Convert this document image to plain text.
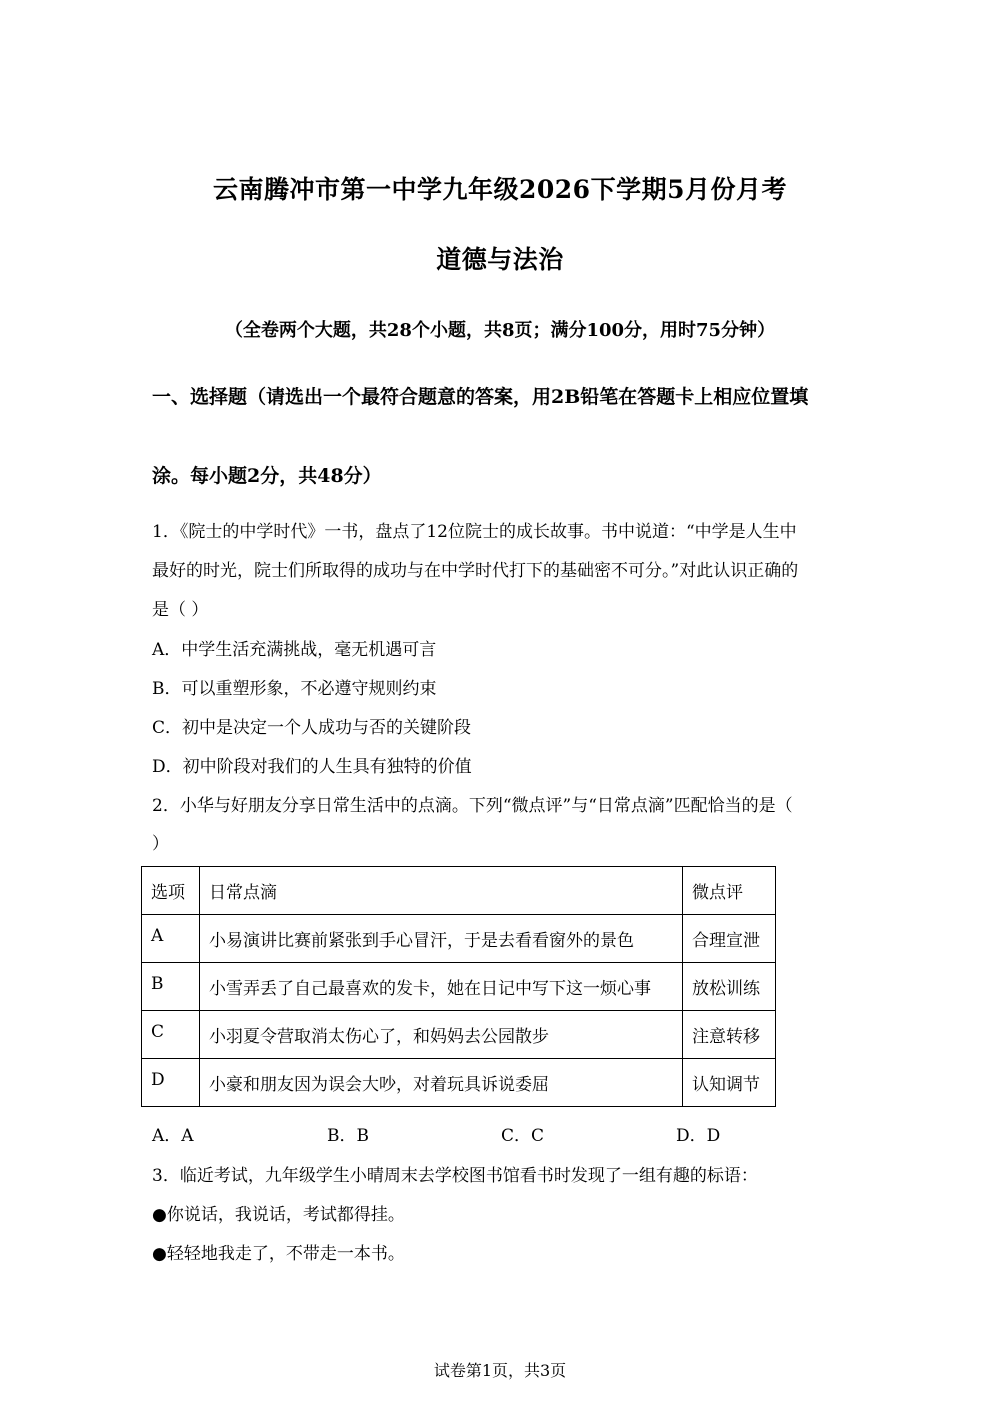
云南腾冲市第一中学九年级2026下学期5月份月考
道德与法治
（全卷两个大题，共28个小题，共8页；满分100分，用时75分钟）
一、选择题（请选出一个最符合题意的答案，用2B铅笔在答题卡上相应位置填
涂。每小题2分，共48分）
1．《院士的中学时代》一书，盘点了12位院士的成长故事。书中说道：“中学是人生中
最好的时光，院士们所取得的成功与在中学时代打下的基础密不可分。”对此认识正确的
是（ ）
A．中学生活充满挑战，毫无机遇可言
B．可以重塑形象，不必遵守规则约束
C．初中是决定一个人成功与否的关键阶段
D．初中阶段对我们的人生具有独特的价值
2．小华与好朋友分享日常生活中的点滴。下列“微点评”与“日常点滴”匹配恰当的是（
）
选项	日常点滴	微点评
A	小易演讲比赛前紧张到手心冒汗，于是去看看窗外的景色	合理宣泄
B	小雪弄丢了自己最喜欢的发卡，她在日记中写下这一烦心事	放松训练
C	小羽夏令营取消太伤心了，和妈妈去公园散步	注意转移
D	小豪和朋友因为误会大吵，对着玩具诉说委屈	认知调节
A．A	B．B	C．C	D．D
3．临近考试，九年级学生小晴周末去学校图书馆看书时发现了一组有趣的标语：
●你说话，我说话，考试都得挂。
●轻轻地我走了，不带走一本书。
试卷第1页，共3页
